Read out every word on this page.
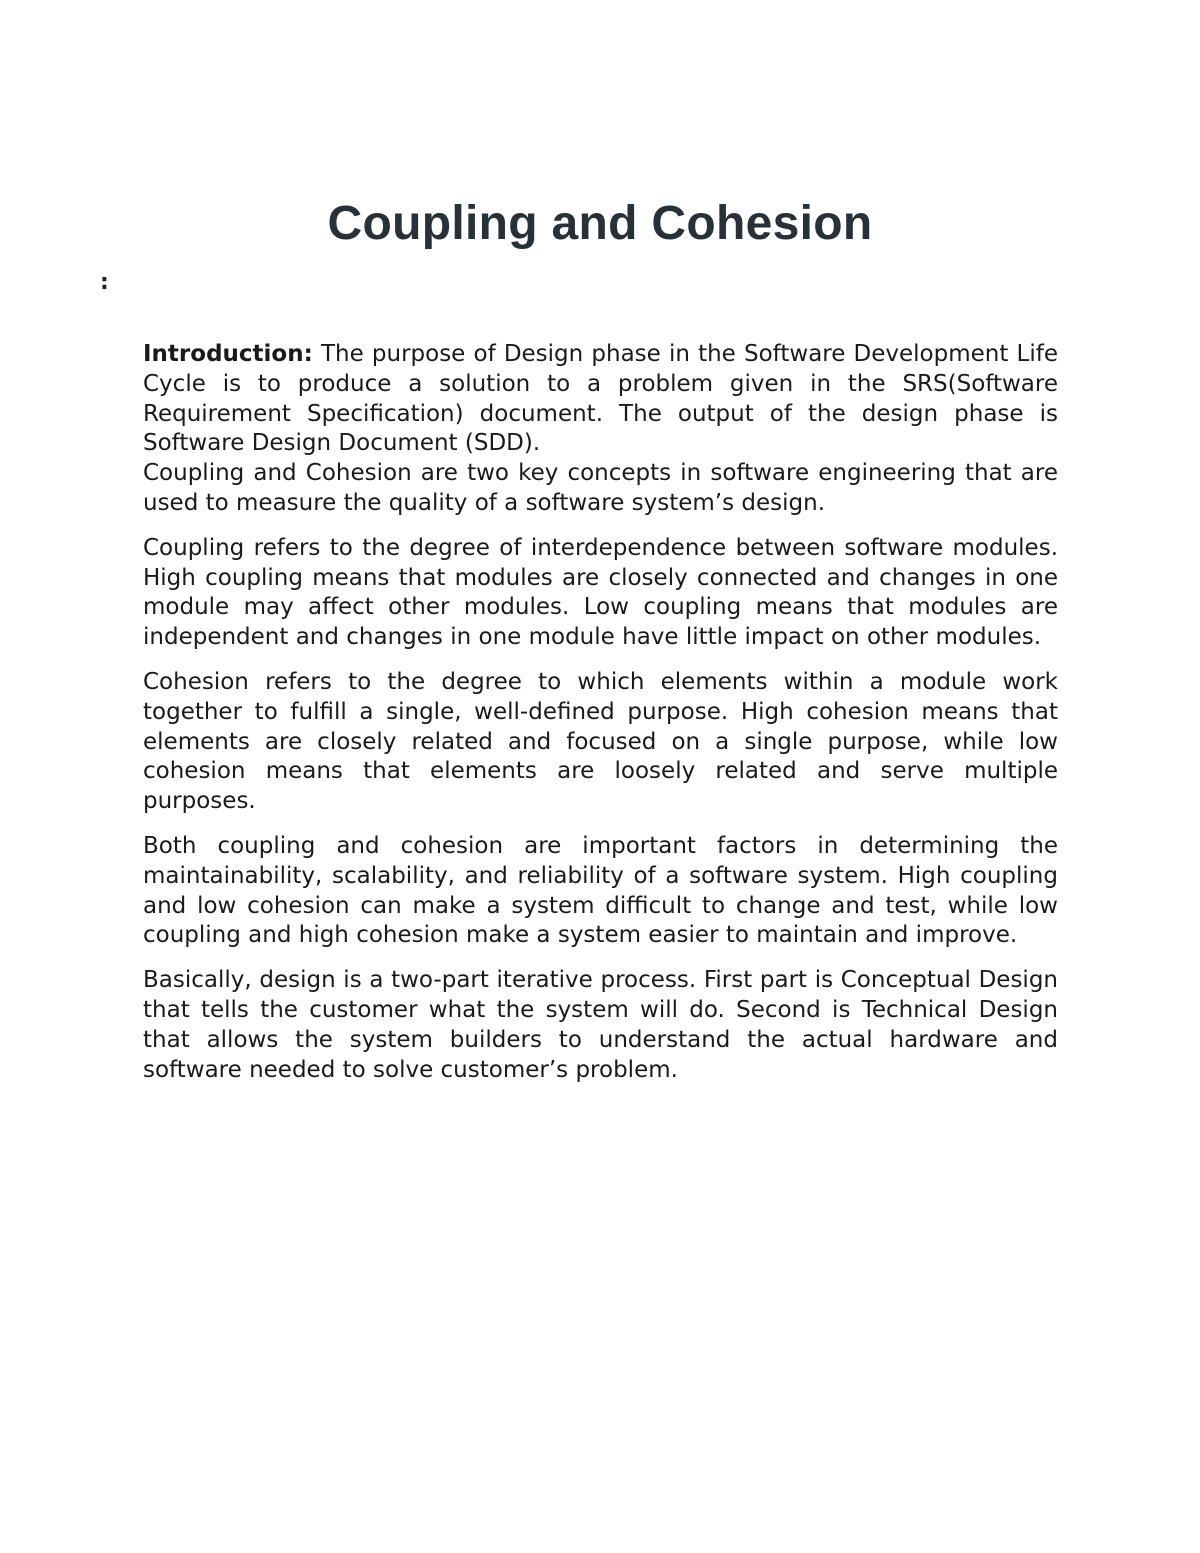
Coupling and Cohesion
:

Introduction: The purpose of Design phase in the Software Development Life Cycle is to produce a solution to a problem given in the SRS(Software Requirement Specification) document. The output of the design phase is Software Design Document (SDD).

Coupling and Cohesion are two key concepts in software engineering that are used to measure the quality of a software system’s design.

Coupling refers to the degree of interdependence between software modules. High coupling means that modules are closely connected and changes in one module may affect other modules. Low coupling means that modules are independent and changes in one module have little impact on other modules.

Cohesion refers to the degree to which elements within a module work together to fulfill a single, well-defined purpose. High cohesion means that elements are closely related and focused on a single purpose, while low cohesion means that elements are loosely related and serve multiple purposes.

Both coupling and cohesion are important factors in determining the maintainability, scalability, and reliability of a software system. High coupling and low cohesion can make a system difficult to change and test, while low coupling and high cohesion make a system easier to maintain and improve.

Basically, design is a two-part iterative process. First part is Conceptual Design that tells the customer what the system will do. Second is Technical Design that allows the system builders to understand the actual hardware and software needed to solve customer’s problem.
